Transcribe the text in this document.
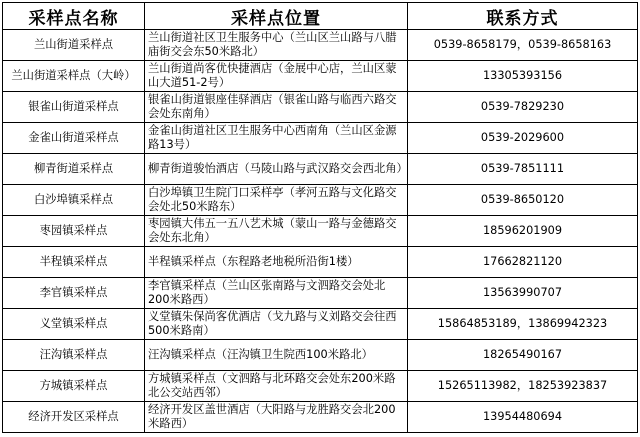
采样点名称	采样点位置	联系方式
兰山街道采样点	兰山街道社区卫生服务中心（兰山区兰山路与八腊庙街交会东50米路北）	0539-8658179，0539-8658163
兰山街道采样点（大岭）	兰山街道尚客优快捷酒店（金展中心店，兰山区蒙山大道51-2号）	13305393156
银雀山街道采样点	银雀山街道银座佳驿酒店（银雀山路与临西六路交会处东南角）	0539-7829230
金雀山街道采样点	金雀山街道社区卫生服务中心西南角（兰山区金源路13号）	0539-2029600
柳青街道采样点	柳青街道骏怡酒店（马陵山路与武汉路交会西北角）	0539-7851111
白沙埠镇采样点	白沙埠镇卫生院门口采样亭（孝河五路与文化路交会处北50米路东）	0539-8650120
枣园镇采样点	枣园镇大伟五一五八艺术城（蒙山一路与金德路交会处东北角）	18596201909
半程镇采样点	半程镇采样点（东程路老地税所沿街1楼）	17662821120
李官镇采样点	李官镇采样点（兰山区张南路与文泗路交会处北200米路西）	13563990707
义堂镇采样点	义堂镇朱保尚客优酒店（戈九路与义刘路交会往西500米路南）	15864853189，13869942323
汪沟镇采样点	汪沟镇采样点（汪沟镇卫生院西100米路北）	18265490167
方城镇采样点	方城镇采样点（文泗路与北环路交会处东200米路北公交站西邻）	15265113982，18253923837
经济开发区采样点	经济开发区盖世酒店（大阳路与龙胜路交会北200米路西）	13954480694
